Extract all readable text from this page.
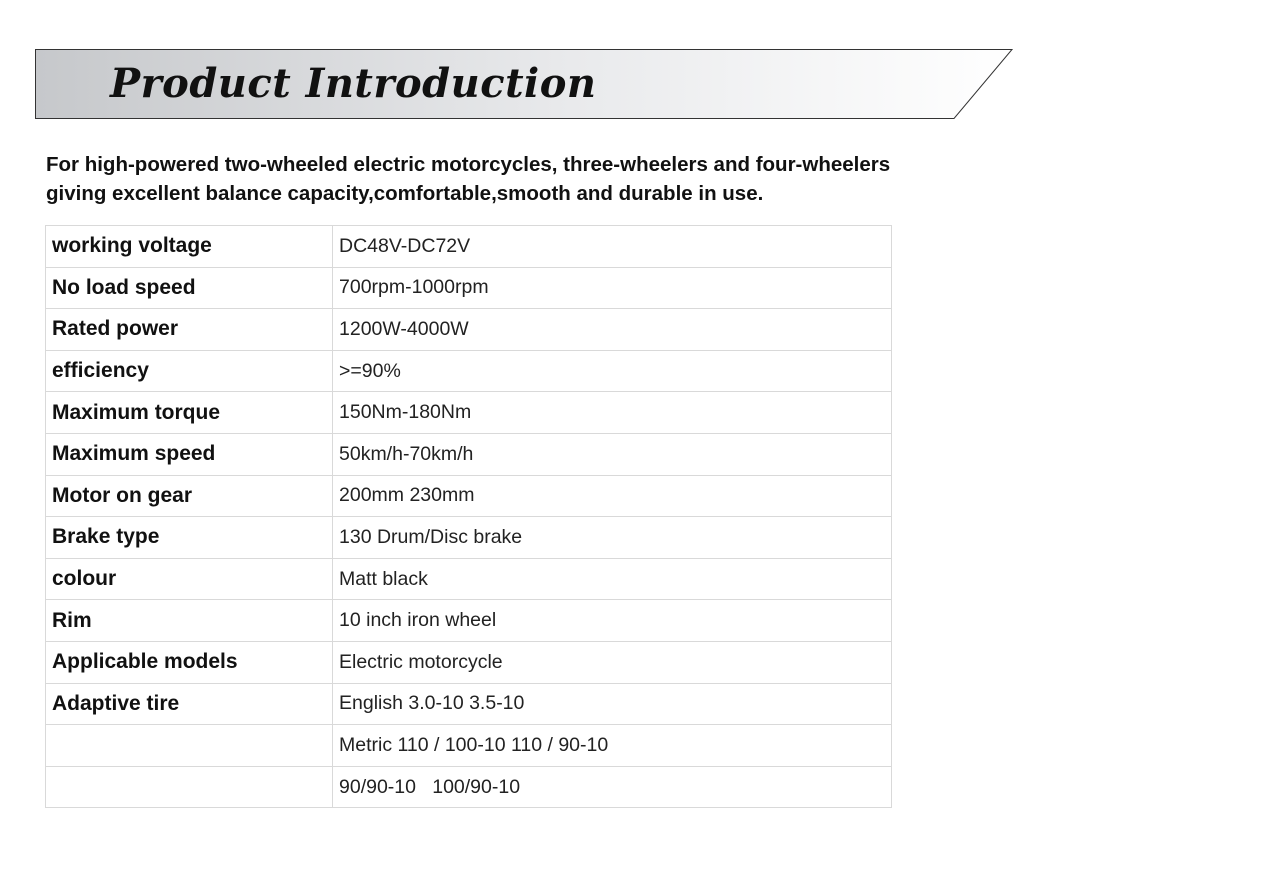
Product Introduction

For high-powered two-wheeled electric motorcycles, three-wheelers and four-wheelers

giving excellent balance capacity,comfortable,smooth and durable in use.

working voltage	DC48V-DC72V
No load speed	700rpm-1000rpm
Rated power	1200W-4000W
efficiency	>=90%
Maximum torque	150Nm-180Nm
Maximum speed	50km/h-70km/h
Motor on gear	200mm 230mm
Brake type	130 Drum/Disc brake
colour	Matt black
Rim	10 inch iron wheel
Applicable models	Electric motorcycle
Adaptive tire	English 3.0-10 3.5-10
	Metric 110 / 100-10 110 / 90-10
	90/90-10   100/90-10
